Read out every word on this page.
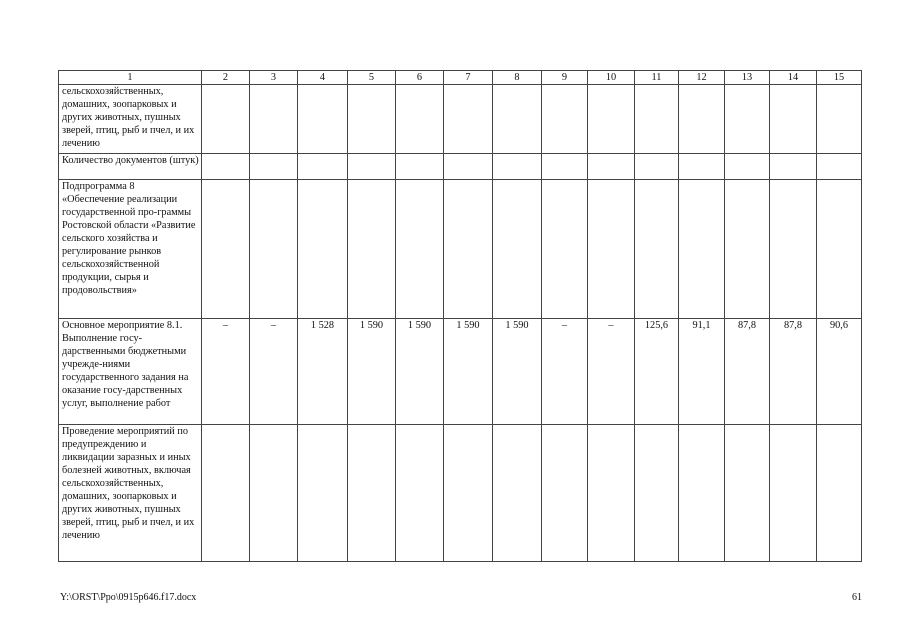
1	2	3	4	5	6	7	8	9	10	11	12	13	14	15
сельскохозяйственных, домашних, зоопарковых и других животных, пушных зверей, птиц, рыб и пчел, и их лечению														
Количество документов (штук)														
Подпрограмма 8 «Обеспечение реализации государственной про-граммы Ростовской области «Развитие сельского хозяйства и регулирование рынков сельскохозяйственной продукции, сырья и продовольствия»														
Основное мероприятие 8.1. Выполнение госу-дарственными бюджетными учрежде-ниями государственного задания на оказание госу-дарственных услуг, выполнение работ	–	–	1 528	1 590	1 590	1 590	1 590	–	–	125,6	91,1	87,8	87,8	90,6
Проведение мероприятий по предупреждению и ликвидации заразных и иных болезней животных, включая сельскохозяйственных, домашних, зоопарковых и других животных, пушных зверей, птиц, рыб и пчел, и их лечению														
Y:\ORST\Ppo\0915p646.f17.docx	61
